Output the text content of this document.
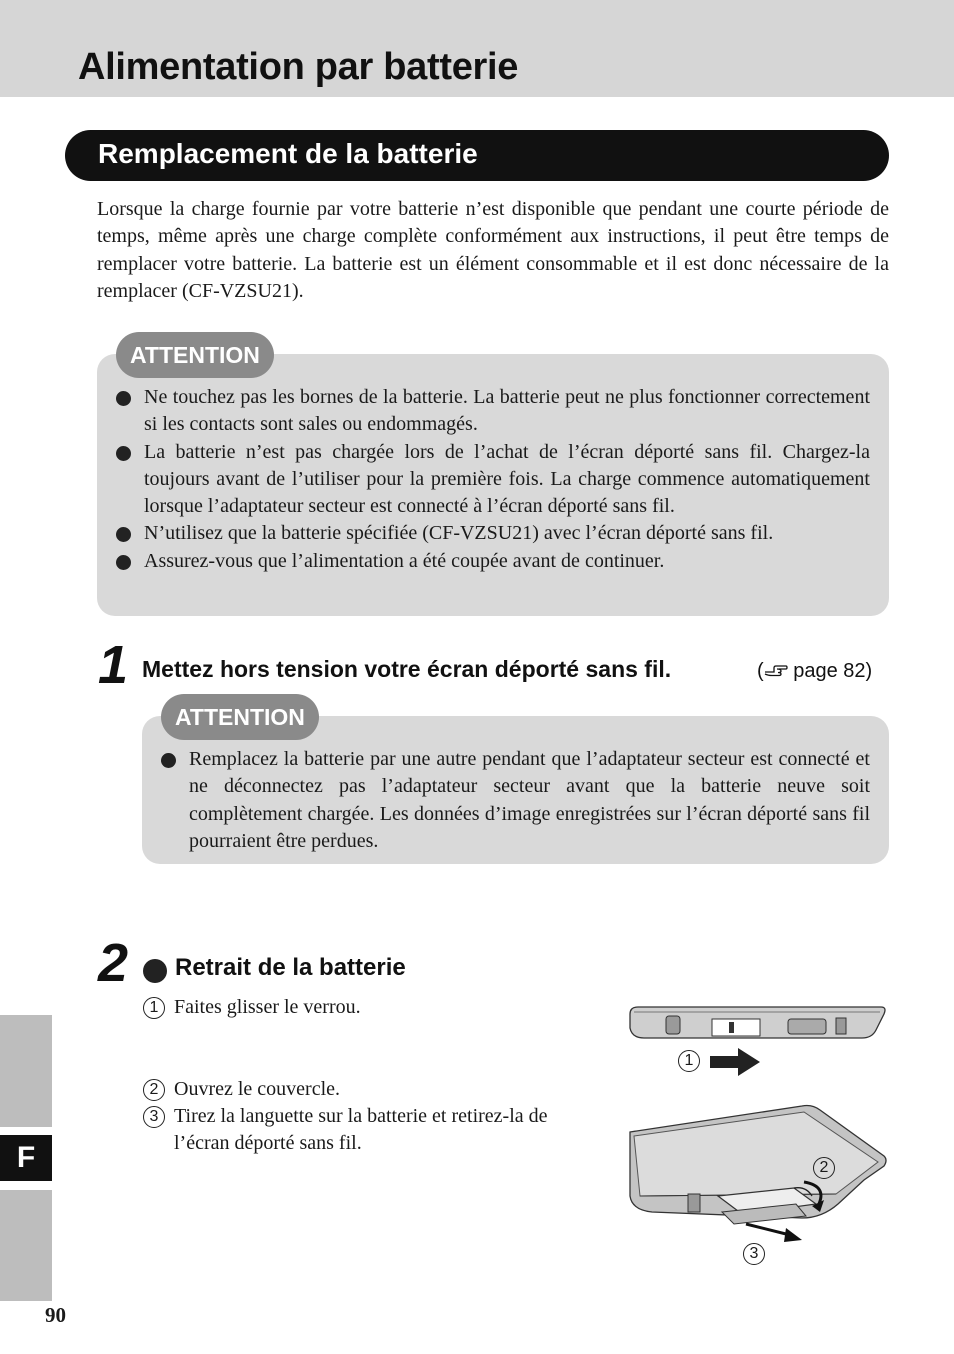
Alimentation par batterie
Remplacement de la batterie

Lorsque la charge fournie par votre batterie n’est disponible que pendant une courte période de temps, même après une charge complète conformément aux instructions, il peut être temps de remplacer votre batterie. La batterie est un élément consommable et il est donc nécessaire de la remplacer (CF-VZSU21).

ATTENTION
Ne touchez pas les bornes de la batterie. La batterie peut ne plus fonctionner correctement si les contacts sont sales ou endommagés.
La batterie n’est pas chargée lors de l’achat de l’écran déporté sans fil. Chargez-la toujours avant de l’utiliser pour la première fois. La charge commence automatiquement lorsque l’adaptateur secteur est connecté à l’écran déporté sans fil.
N’utilisez que la batterie spécifiée (CF-VZSU21) avec l’écran déporté sans fil.
Assurez-vous que l’alimentation a été coupée avant de continuer.
1 Mettez hors tension votre écran déporté sans fil.	( page 82)
ATTENTION
Remplacez la batterie par une autre pendant que l’adaptateur secteur est connecté et ne déconnectez pas l’adaptateur secteur avant que la batterie neuve soit complètement chargée. Les données d’image enregistrées sur l’écran déporté sans fil pourraient être perdues.
2 Retrait de la batterie
1 Faites glisser le verrou.
2 Ouvrez le couvercle.
3 Tirez la languette sur la batterie et retirez-la de l’écran déporté sans fil.
1
2
3
F
90
